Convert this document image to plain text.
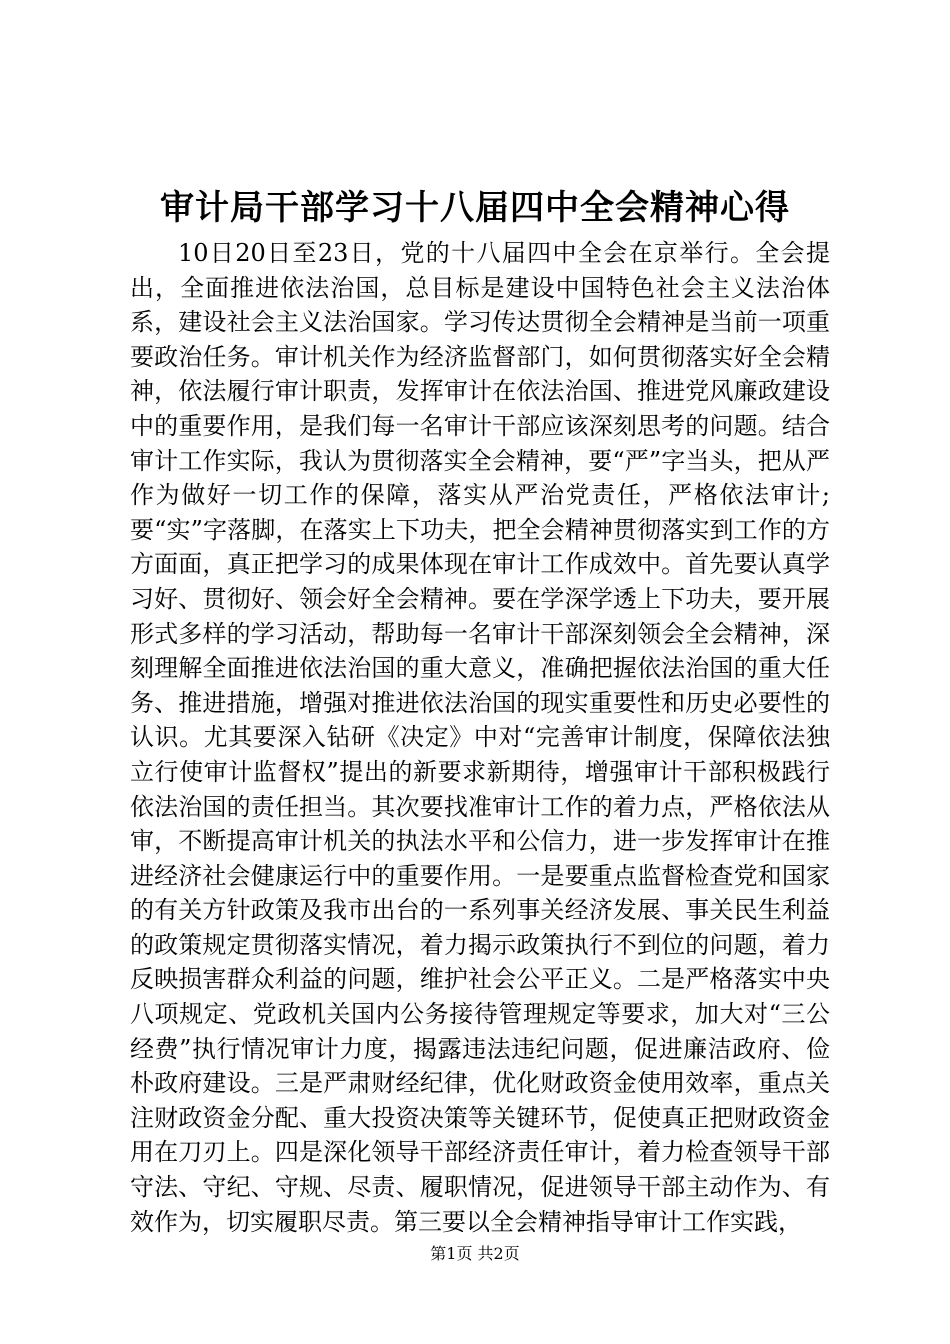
审计局干部学习十八届四中全会精神心得

10日20日至23日，党的十八届四中全会在京举行。全会提出，全面推进依法治国，总目标是建设中国特色社会主义法治体系，建设社会主义法治国家。学习传达贯彻全会精神是当前一项重要政治任务。审计机关作为经济监督部门，如何贯彻落实好全会精神，依法履行审计职责，发挥审计在依法治国、推进党风廉政建设中的重要作用，是我们每一名审计干部应该深刻思考的问题。结合审计工作实际，我认为贯彻落实全会精神，要“严”字当头，把从严作为做好一切工作的保障，落实从严治党责任，严格依法审计;要“实”字落脚，在落实上下功夫，把全会精神贯彻落实到工作的方方面面，真正把学习的成果体现在审计工作成效中。首先要认真学习好、贯彻好、领会好全会精神。要在学深学透上下功夫，要开展形式多样的学习活动，帮助每一名审计干部深刻领会全会精神，深刻理解全面推进依法治国的重大意义，准确把握依法治国的重大任务、推进措施，增强对推进依法治国的现实重要性和历史必要性的认识。尤其要深入钻研《决定》中对“完善审计制度，保障依法独立行使审计监督权”提出的新要求新期待，增强审计干部积极践行依法治国的责任担当。其次要找准审计工作的着力点，严格依法从审，不断提高审计机关的执法水平和公信力，进一步发挥审计在推进经济社会健康运行中的重要作用。一是要重点监督检查党和国家的有关方针政策及我市出台的一系列事关经济发展、事关民生利益的政策规定贯彻落实情况，着力揭示政策执行不到位的问题，着力反映损害群众利益的问题，维护社会公平正义。二是严格落实中央八项规定、党政机关国内公务接待管理规定等要求，加大对“三公经费”执行情况审计力度，揭露违法违纪问题，促进廉洁政府、俭朴政府建设。三是严肃财经纪律，优化财政资金使用效率，重点关注财政资金分配、重大投资决策等关键环节，促使真正把财政资金用在刀刃上。四是深化领导干部经济责任审计，着力检查领导干部守法、守纪、守规、尽责、履职情况，促进领导干部主动作为、有效作为，切实履职尽责。第三要以全会精神指导审计工作实践，

第1页 共2页
